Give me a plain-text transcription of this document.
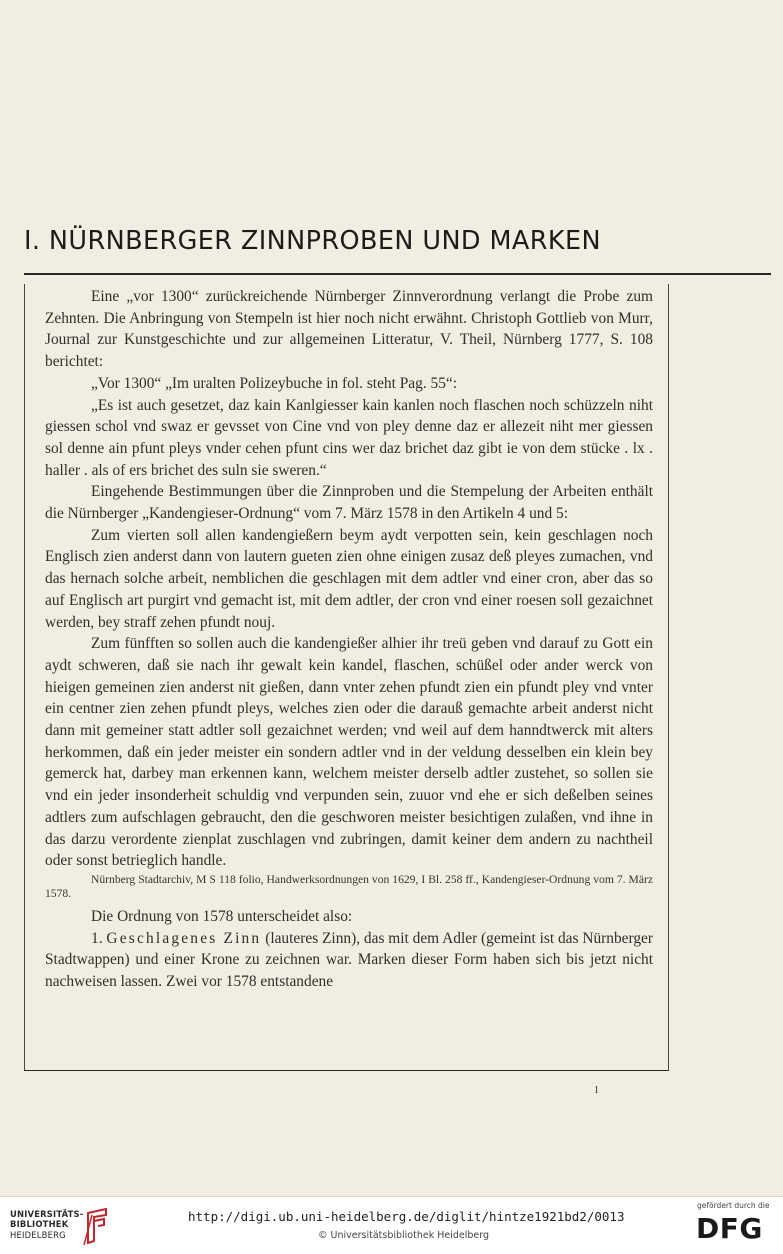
I. NÜRNBERGER ZINNPROBEN UND MARKEN

Eine „vor 1300“ zurückreichende Nürnberger Zinnverordnung verlangt die Probe zum Zehnten. Die Anbringung von Stempeln ist hier noch nicht erwähnt. Christoph Gottlieb von Murr, Journal zur Kunstgeschichte und zur allgemeinen Litteratur, V. Theil, Nürnberg 1777, S. 108 berichtet:

„Vor 1300“ „Im uralten Polizeybuche in fol. steht Pag. 55“:

„Es ist auch gesetzet, daz kain Kanlgiesser kain kanlen noch flaschen noch schüzzeln niht giessen schol vnd swaz er gevsset von Cine vnd von pley denne daz er allezeit niht mer giessen sol denne ain pfunt pleys vnder cehen pfunt cins wer daz brichet daz gibt ie von dem stücke . lx . haller . als of ers brichet des suln sie sweren.“

Eingehende Bestimmungen über die Zinnproben und die Stempelung der Arbeiten enthält die Nürnberger „Kandengieser-Ordnung“ vom 7. März 1578 in den Artikeln 4 und 5:

Zum vierten soll allen kandengießern beym aydt verpotten sein, kein geschlagen noch Englisch zien anderst dann von lautern gueten zien ohne einigen zusaz deß pleyes zumachen, vnd das hernach solche arbeit, nemblichen die geschlagen mit dem adtler vnd einer cron, aber das so auf Englisch art purgirt vnd gemacht ist, mit dem adtler, der cron vnd einer roesen soll gezaichnet werden, bey straff zehen pfundt nouj.

Zum fünfften so sollen auch die kandengießer alhier ihr treü geben vnd darauf zu Gott ein aydt schweren, daß sie nach ihr gewalt kein kandel, flaschen, schüßel oder ander werck von hieigen gemeinen zien anderst nit gießen, dann vnter zehen pfundt zien ein pfundt pley vnd vnter ein centner zien zehen pfundt pleys, welches zien oder die darauß gemachte arbeit anderst nicht dann mit gemeiner statt adtler soll gezaichnet werden; vnd weil auf dem hanndtwerck mit alters herkommen, daß ein jeder meister ein sondern adtler vnd in der veldung desselben ein klein bey gemerck hat, darbey man erkennen kann, welchem meister derselb adtler zustehet, so sollen sie vnd ein jeder insonderheit schuldig vnd verpunden sein, zuuor vnd ehe er sich deßelben seines adtlers zum aufschlagen gebraucht, den die geschworen meister besichtigen zulaßen, vnd ihne in das darzu verordente zienplat zuschlagen vnd zubringen, damit keiner dem andern zu nachtheil oder sonst betrieglich handle.

Nürnberg Stadtarchiv, M S 118 folio, Handwerksordnungen von 1629, I Bl. 258 ff., Kandengieser-Ordnung vom 7. März 1578.

Die Ordnung von 1578 unterscheidet also:

1. Geschlagenes Zinn (lauteres Zinn), das mit dem Adler (gemeint ist das Nürnberger Stadtwappen) und einer Krone zu zeichnen war. Marken dieser Form haben sich bis jetzt nicht nachweisen lassen. Zwei vor 1578 entstandene

1
UNIVERSITÄTS-
BIBLIOTHEK
HEIDELBERG
http://digi.ub.uni-heidelberg.de/diglit/hintze1921bd2/0013
© Universitätsbibliothek Heidelberg
gefördert durch die
DFG
